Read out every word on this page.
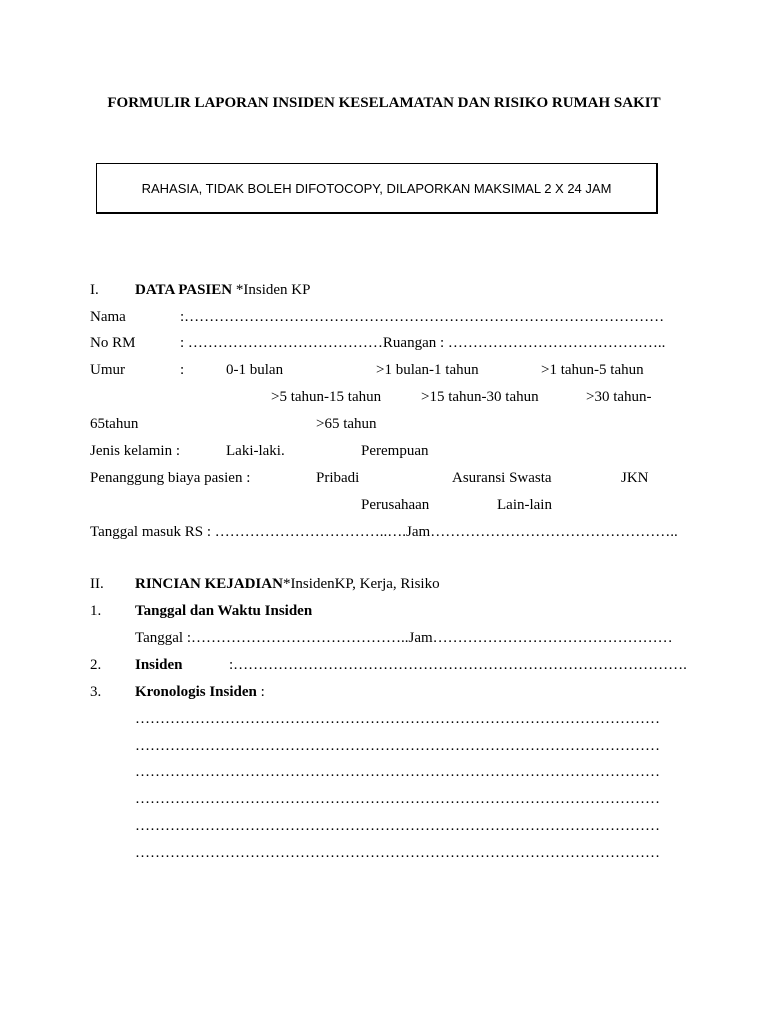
FORMULIR LAPORAN INSIDEN KESELAMATAN DAN RISIKO RUMAH SAKIT
RAHASIA, TIDAK BOLEH DIFOTOCOPY, DILAPORKAN MAKSIMAL 2 X 24 JAM
I. DATA PASIEN *Insiden KP
Nama	:……………………………………………………………………………………
No RM	: …………………………………Ruangan : ……………………………………..
Umur	:	0-1 bulan	>1 bulan-1 tahun	>1 tahun-5 tahun
>5 tahun-15 tahun	>15 tahun-30 tahun	>30 tahun-
65tahun	>65 tahun
Jenis kelamin :	Laki-laki.	Perempuan
Penanggung biaya pasien :	Pribadi	Asuransi Swasta	JKN
Perusahaan	Lain-lain
Tanggal masuk RS : ……………………………..….Jam…………………………………………..
II. RINCIAN KEJADIAN*InsidenKP, Kerja, Risiko
1. Tanggal dan Waktu Insiden
Tanggal :……………………………………..Jam…………………………………………
2. Insiden	:……………………………………………………………………………….
3. Kronologis Insiden :
……………………………………………………………………………………………
……………………………………………………………………………………………
……………………………………………………………………………………………
……………………………………………………………………………………………
……………………………………………………………………………………………
……………………………………………………………………………………………
